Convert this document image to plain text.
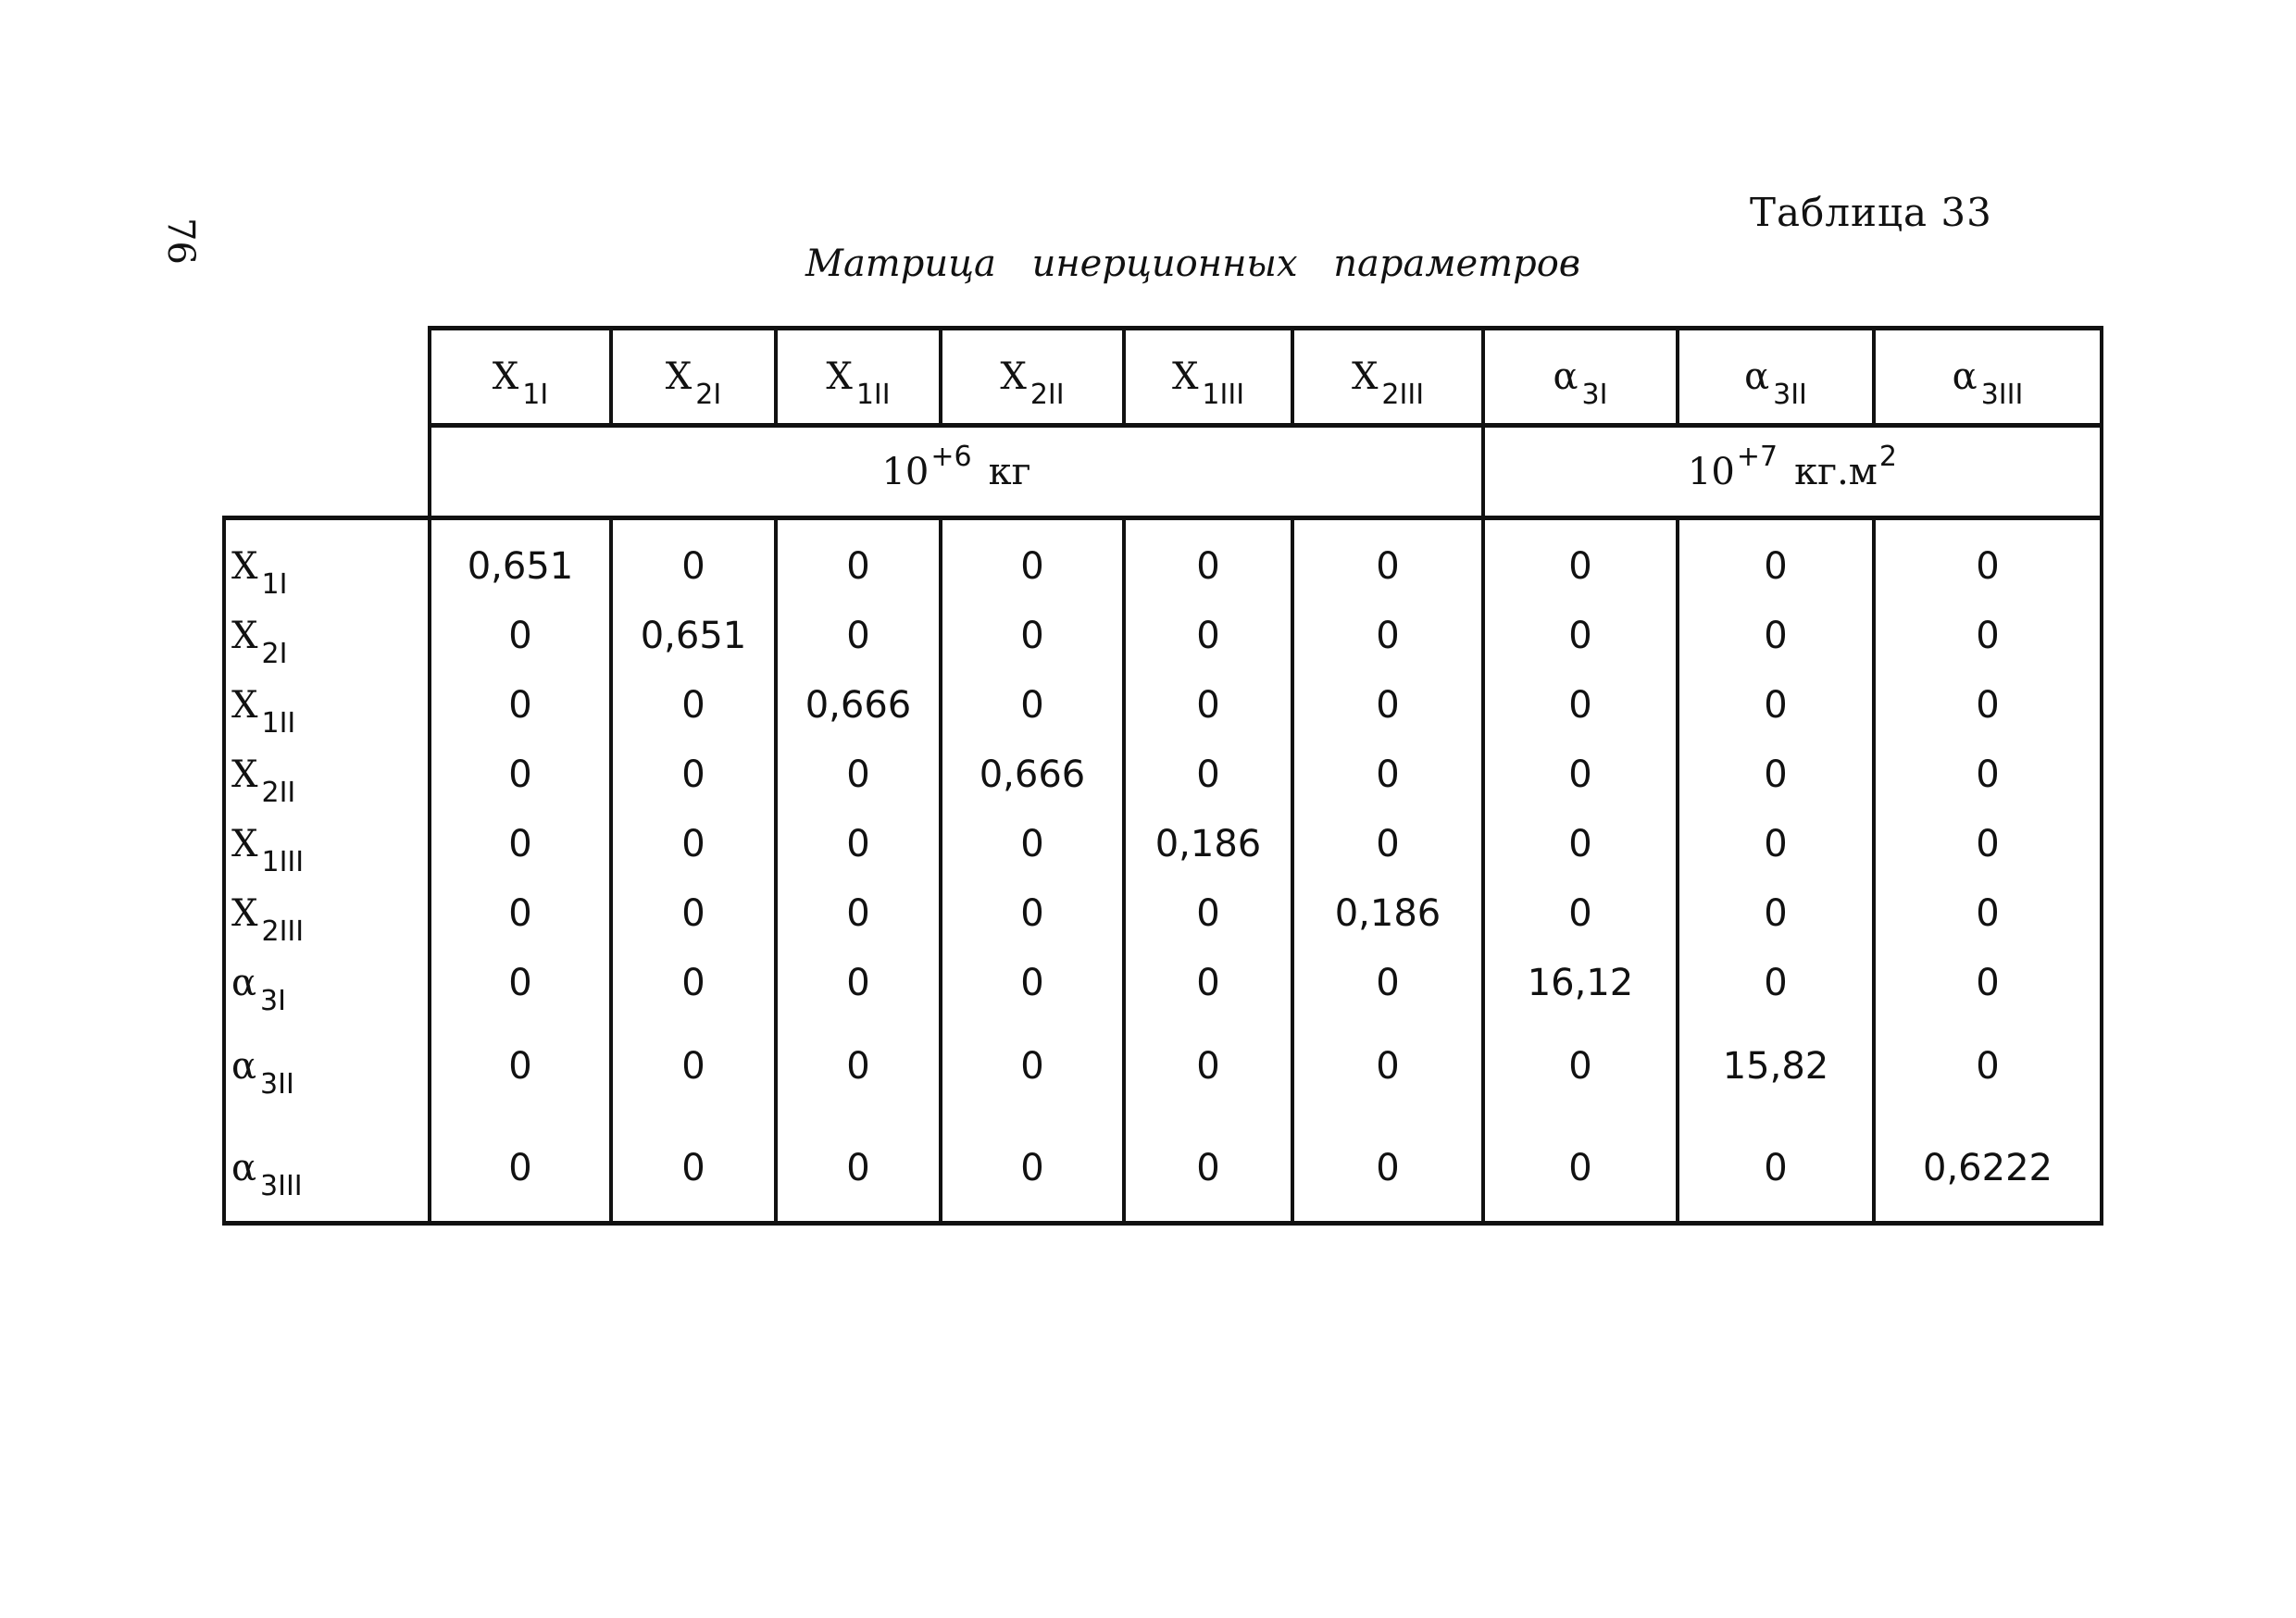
76
Таблица 33
Матрица инерционных параметров
	X $_{1I}$	X $_{2I}$	X $_{1II}$	X $_{2II}$	X $_{1III}$	X $_{2III}$	α $_{3I}$	α $_{3II}$	α $_{3III}$
	$10^{+6}$ кг						$10^{+7}$ $кг.м^2$
X $_{1I}$	0,651	0	0	0	0	0	0	0	0
X $_{2I}$	0	0,651	0	0	0	0	0	0	0
X $_{1II}$	0	0	0,666	0	0	0	0	0	0
X $_{2II}$	0	0	0	0,666	0	0	0	0	0
X $_{1III}$	0	0	0	0	0,186	0	0	0	0
X $_{2III}$	0	0	0	0	0	0,186	0	0	0
α $_{3I}$	0	0	0	0	0	0	16,12	0	0
α $_{3II}$	0	0	0	0	0	0	0	15,82	0
α $_{3III}$	0	0	0	0	0	0	0	0	0,6222
